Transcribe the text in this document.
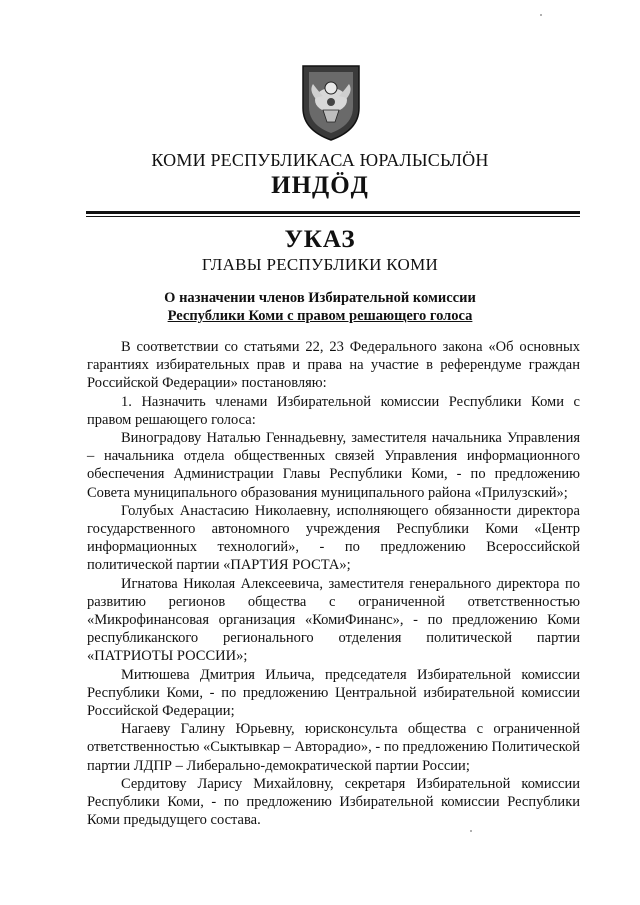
КОМИ РЕСПУБЛИКАСА ЮРАЛЫСЬЛӦН
ИНДӦД
УКАЗ
ГЛАВЫ РЕСПУБЛИКИ КОМИ
О назначении членов Избирательной комиссии
Республики Коми с правом решающего голоса

В соответствии со статьями 22, 23 Федерального закона «Об основных гарантиях избирательных прав и права на участие в референдуме граждан Российской Федерации» постановляю:

1. Назначить членами Избирательной комиссии Республики Коми с правом решающего голоса:

Виноградову Наталью Геннадьевну, заместителя начальника Управления – начальника отдела общественных связей Управления информационного обеспечения Администрации Главы Республики Коми, - по предложению Совета муниципального образования муниципального района «Прилузский»;

Голубых Анастасию Николаевну, исполняющего обязанности директора государственного автономного учреждения Республики Коми «Центр информационных технологий», - по предложению Всероссийской политической партии «ПАРТИЯ РОСТА»;

Игнатова Николая Алексеевича, заместителя генерального директора по развитию регионов общества с ограниченной ответственностью «Микрофинансовая организация «КомиФинанс», - по предложению Коми республиканского регионального отделения политической партии «ПАТРИОТЫ РОССИИ»;

Митюшева Дмитрия Ильича, председателя Избирательной комиссии Республики Коми, - по предложению Центральной избирательной комиссии Российской Федерации;

Нагаеву Галину Юрьевну, юрисконсульта общества с ограниченной ответственностью «Сыктывкар – Авторадио», - по предложению Политической партии ЛДПР – Либерально-демократической партии России;

Сердитову Ларису Михайловну, секретаря Избирательной комиссии Республики Коми, - по предложению Избирательной комиссии Республики Коми предыдущего состава.
